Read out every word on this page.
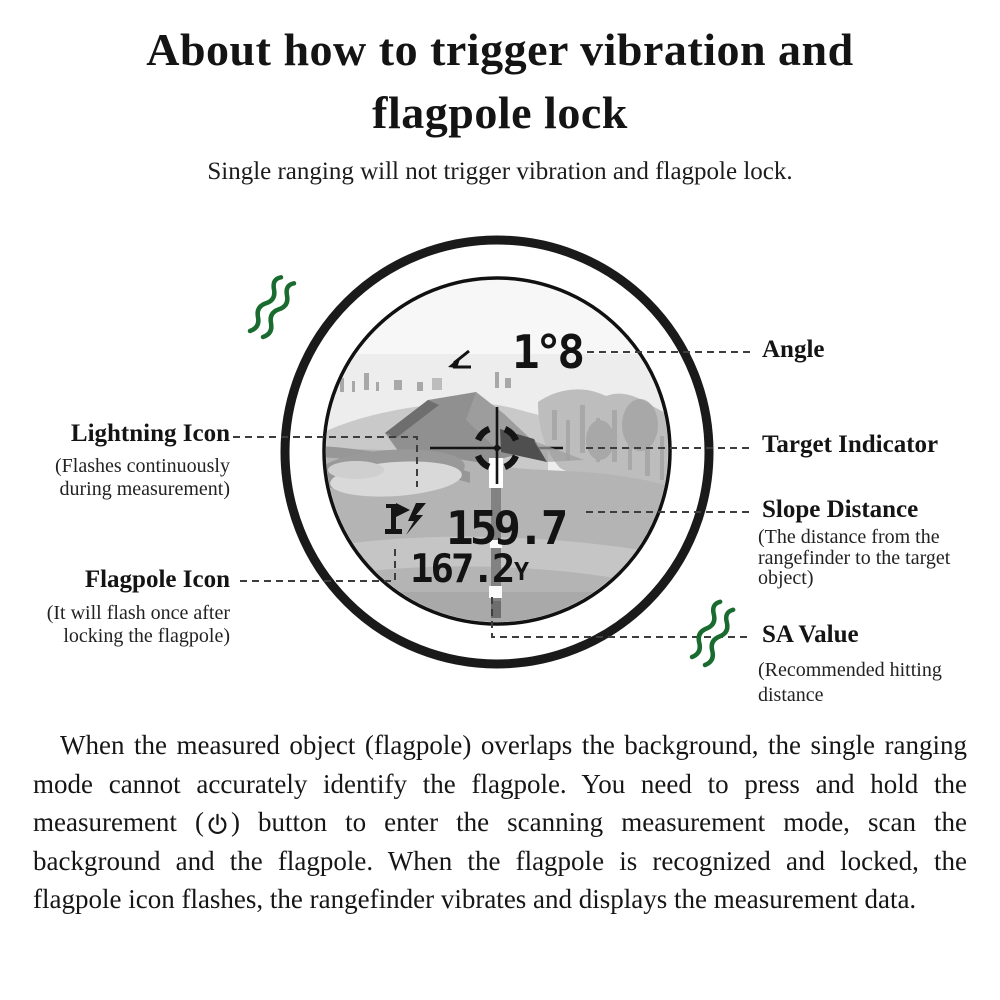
About how to trigger vibration and
flagpole lock
Single ranging will not trigger vibration and flagpole lock.
1°8
159.7
167.2 Y
Lightning Icon
(Flashes continuously during measurement)
Flagpole Icon
(It will flash once after locking the flagpole)
Angle
Target Indicator
Slope Distance
(The distance from the rangefinder to the target object)
SA Value
(Recommended hitting distance
When the measured object (flagpole) overlaps the background, the single ranging mode cannot accurately identify the flagpole. You need to press and hold the measurement ( ) button to enter the scanning measurement mode, scan the background and the flagpole. When the flagpole is recognized and locked, the flagpole icon flashes, the rangefinder vibrates and displays the measurement data.
